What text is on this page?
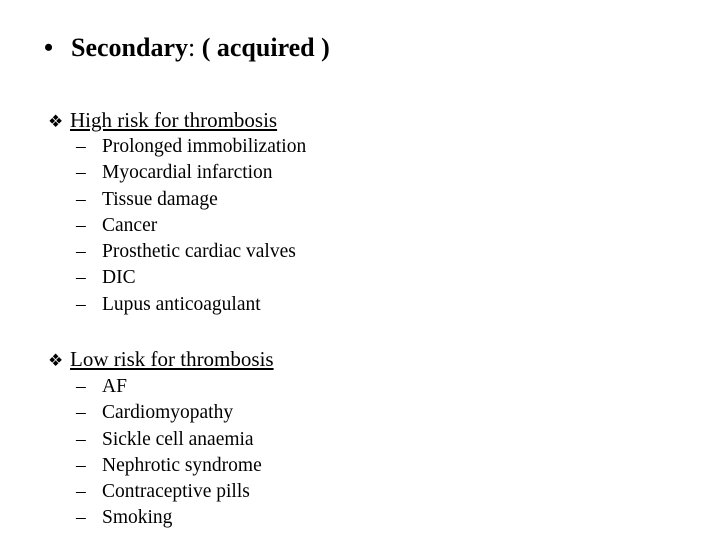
• Secondary: ( acquired )
❖ High risk for thrombosis
– Prolonged immobilization
– Myocardial infarction
– Tissue damage
– Cancer
– Prosthetic cardiac valves
– DIC
– Lupus anticoagulant
❖ Low risk for thrombosis
– AF
– Cardiomyopathy
– Sickle cell anaemia
– Nephrotic syndrome
– Contraceptive pills
– Smoking
